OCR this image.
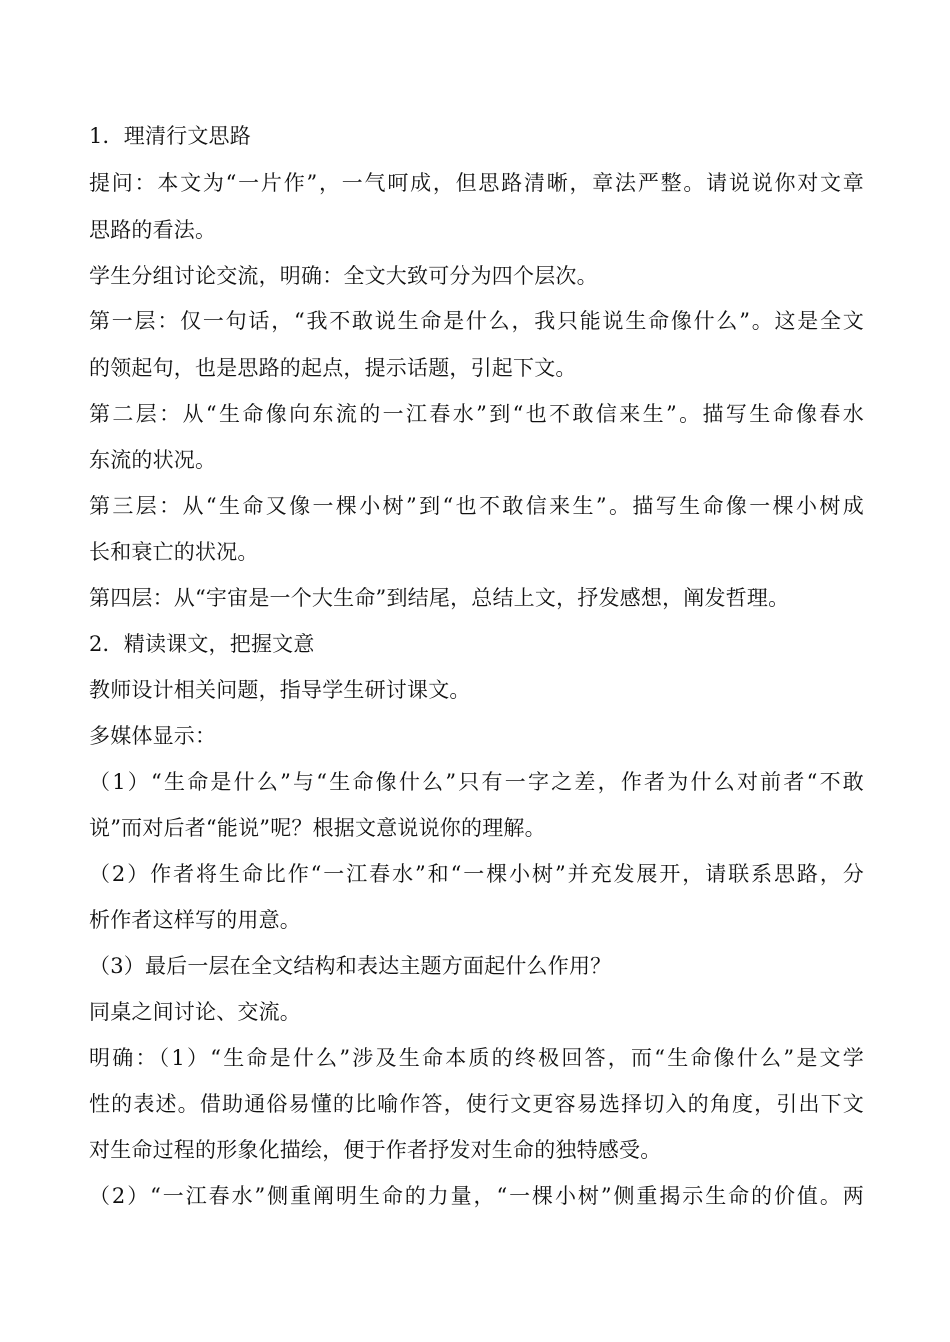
1．理清行文思路
提问：本文为“一片作”，一气呵成，但思路清晰，章法严整。请说说你对文章
思路的看法。
学生分组讨论交流，明确：全文大致可分为四个层次。
第一层：仅一句话，“我不敢说生命是什么，我只能说生命像什么”。这是全文
的领起句，也是思路的起点，提示话题，引起下文。
第二层：从“生命像向东流的一江春水”到“也不敢信来生”。描写生命像春水
东流的状况。
第三层：从“生命又像一棵小树”到“也不敢信来生”。描写生命像一棵小树成
长和衰亡的状况。
第四层：从“宇宙是一个大生命”到结尾，总结上文，抒发感想，阐发哲理。
2．精读课文，把握文意
教师设计相关问题，指导学生研讨课文。
多媒体显示：
（1）“生命是什么”与“生命像什么”只有一字之差，作者为什么对前者“不敢
说”而对后者“能说”呢？根据文意说说你的理解。
（2）作者将生命比作“一江春水”和“一棵小树”并充发展开，请联系思路，分
析作者这样写的用意。
（3）最后一层在全文结构和表达主题方面起什么作用？
同桌之间讨论、交流。
明确：（1）“生命是什么”涉及生命本质的终极回答，而“生命像什么”是文学
性的表述。借助通俗易懂的比喻作答，使行文更容易选择切入的角度，引出下文
对生命过程的形象化描绘，便于作者抒发对生命的独特感受。
（2）“一江春水”侧重阐明生命的力量，“一棵小树”侧重揭示生命的价值。两
